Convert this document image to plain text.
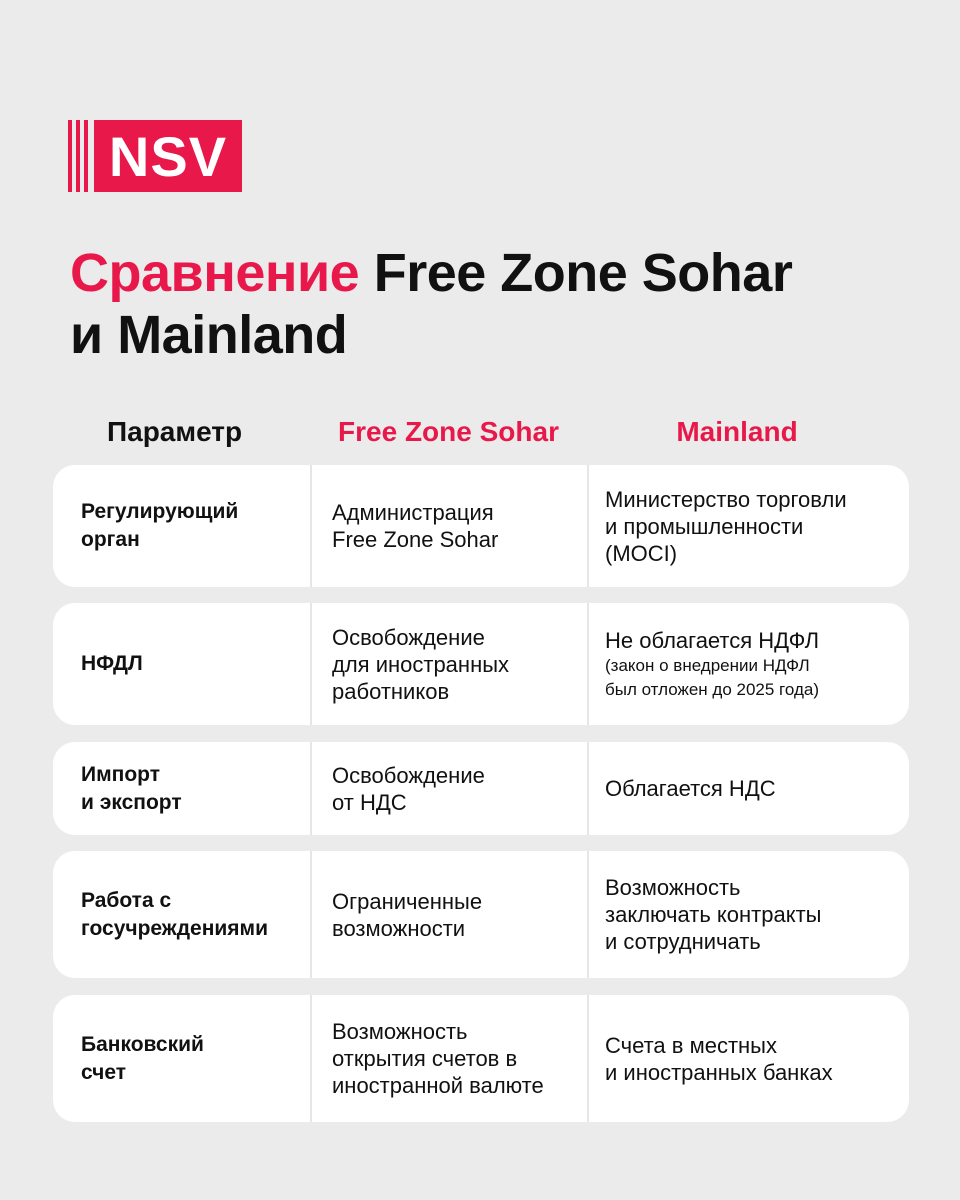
NSV
Сравнение Free Zone Sohar
и Mainland
Параметр	Free Zone Sohar	Mainland
Регулирующий
орган
Администрация
Free Zone Sohar
Министерство торговли
и промышленности
(MOCI)
НФДЛ
Освобождение
для иностранных
работников
Не облагается НДФЛ
(закон о внедрении НДФЛ
был отложен до 2025 года)
Импорт
и экспорт
Освобождение
от НДС
Облагается НДС
Работа с
госучреждениями
Ограниченные
возможности
Возможность
заключать контракты
и сотрудничать
Банковский
счет
Возможность
открытия счетов в
иностранной валюте
Счета в местных
и иностранных банках
